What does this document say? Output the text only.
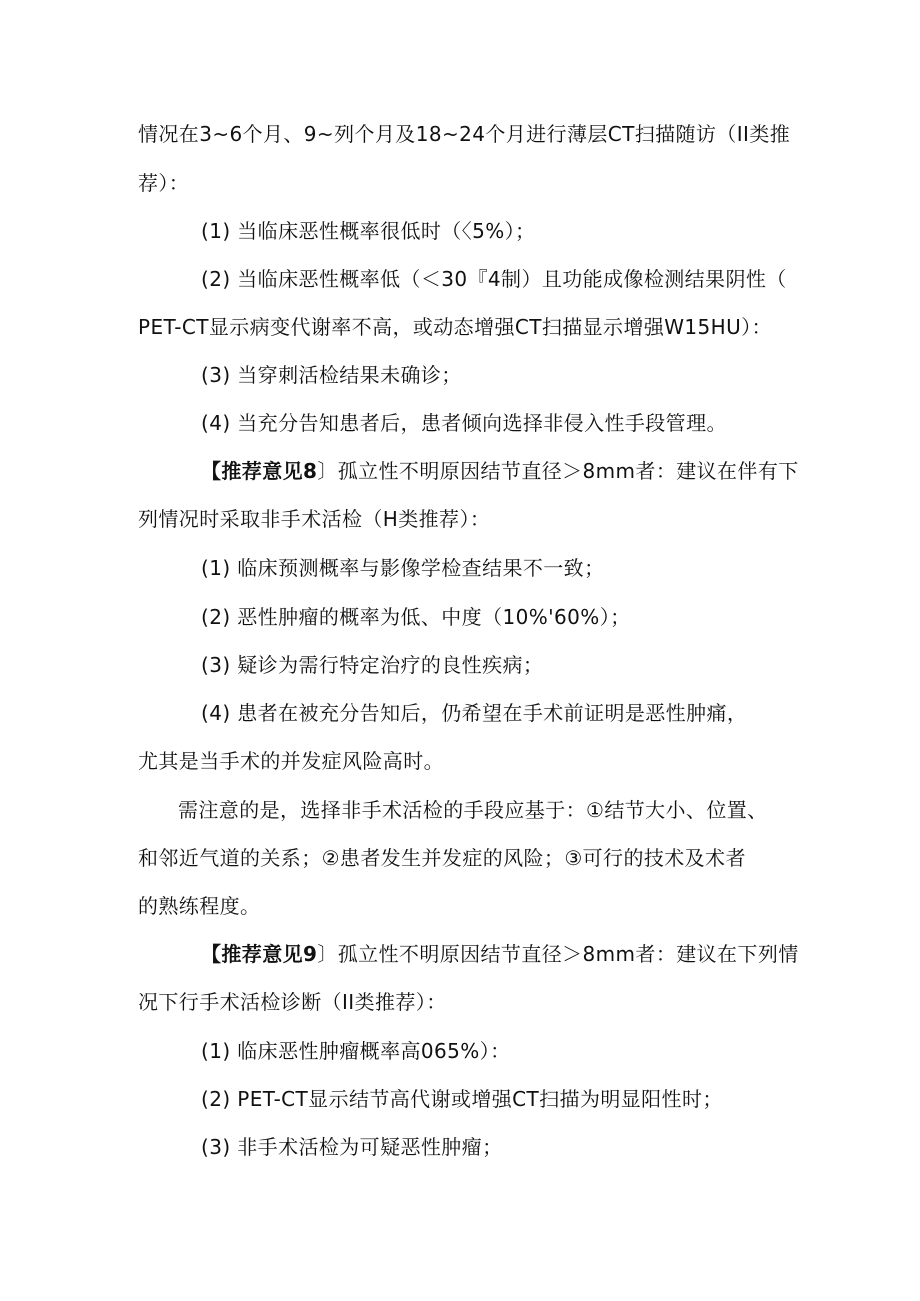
情况在3~6个月、9~列个月及18~24个月进行薄层CT扫描随访（II类推
荐）：
(1) 当临床恶性概率很低时（〈5%）；
(2) 当临床恶性概率低（＜30『4制）且功能成像检测结果阴性（
PET-CT显示病变代谢率不高，或动态增强CT扫描显示增强W15HU）：
(3) 当穿刺活检结果未确诊；
(4) 当充分告知患者后，患者倾向选择非侵入性手段管理。
【推荐意见8〕孤立性不明原因结节直径＞8mm者：建议在伴有下
列情况时采取非手术活检（H类推荐）：
(1) 临床预测概率与影像学检查结果不一致；
(2) 恶性肿瘤的概率为低、中度（10%'60%）；
(3) 疑诊为需行特定治疗的良性疾病；
(4) 患者在被充分告知后，仍希望在手术前证明是恶性肿痛，
尤其是当手术的并发症风险高时。
需注意的是，选择非手术活检的手段应基于：①结节大小、位置、
和邻近气道的关系；②患者发生并发症的风险；③可行的技术及术者
的熟练程度。
【推荐意见9〕孤立性不明原因结节直径＞8mm者：建议在下列情
况下行手术活检诊断（II类推荐）：
(1) 临床恶性肿瘤概率高065%）：
(2) PET-CT显示结节高代谢或增强CT扫描为明显阳性时；
(3) 非手术活检为可疑恶性肿瘤；
